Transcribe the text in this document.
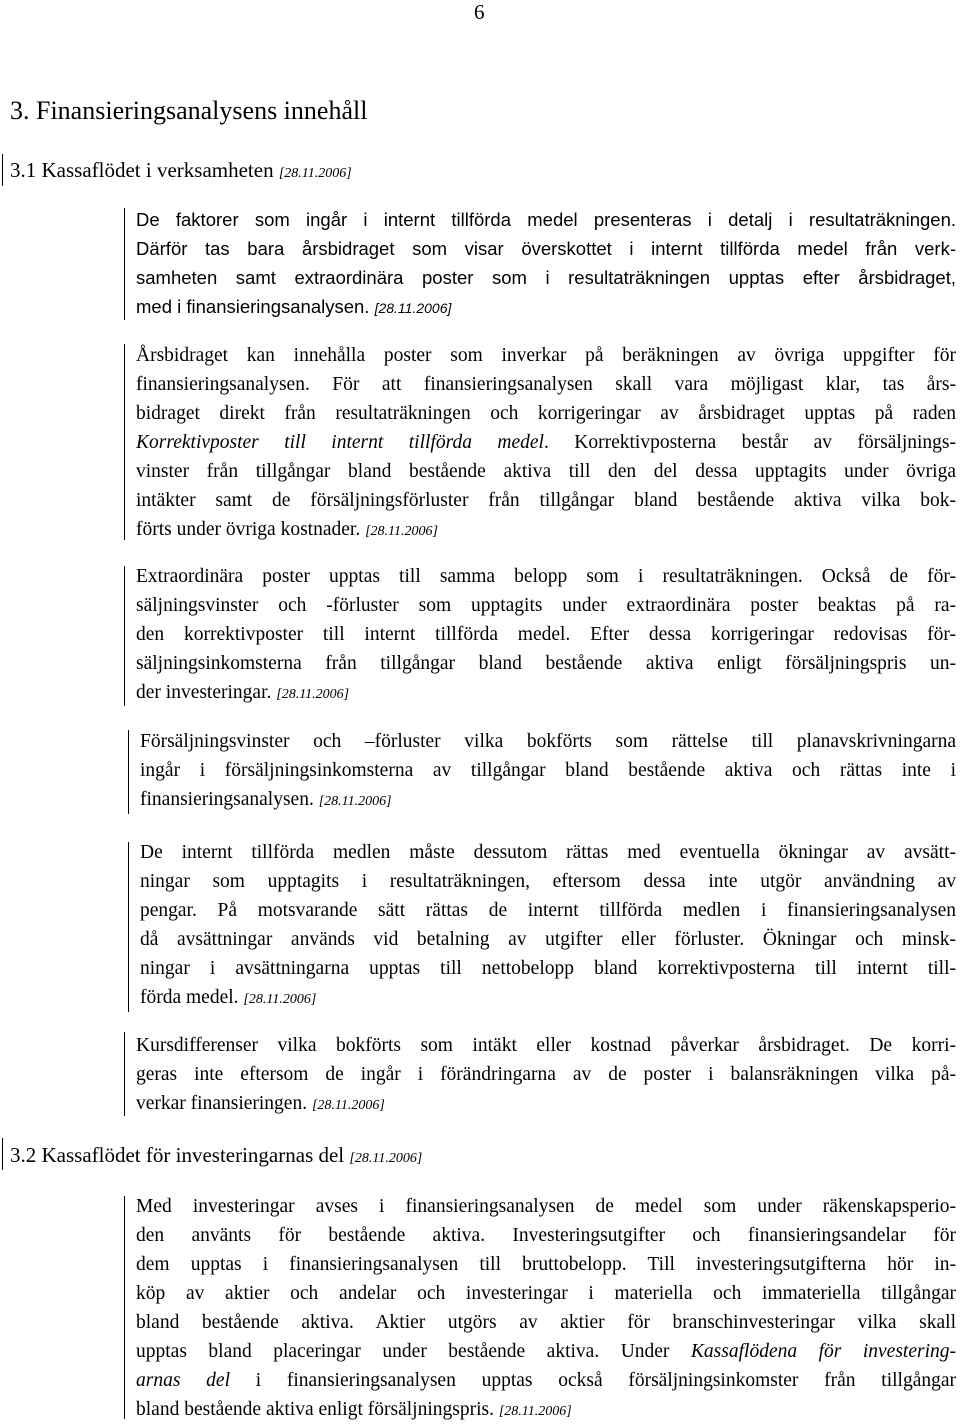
6
3. Finansieringsanalysens innehåll
3.1 Kassaflödet i verksamheten [28.11.2006]
De faktorer som ingår i internt tillförda medel presenteras i detalj i resultaträkningen.
Därför tas bara årsbidraget som visar överskottet i internt tillförda medel från verk-
samheten samt extraordinära poster som i resultaträkningen upptas efter årsbidraget,
med i finansieringsanalysen. [28.11.2006]
Årsbidraget kan innehålla poster som inverkar på beräkningen av övriga uppgifter för
finansieringsanalysen. För att finansieringsanalysen skall vara möjligast klar, tas års-
bidraget direkt från resultaträkningen och korrigeringar av årsbidraget upptas på raden
Korrektivposter till internt tillförda medel. Korrektivposterna består av försäljnings-
vinster från tillgångar bland bestående aktiva till den del dessa upptagits under övriga
intäkter samt de försäljningsförluster från tillgångar bland bestående aktiva vilka bok-
förts under övriga kostnader. [28.11.2006]
Extraordinära poster upptas till samma belopp som i resultaträkningen. Också de för-
säljningsvinster och -förluster som upptagits under extraordinära poster beaktas på ra-
den korrektivposter till internt tillförda medel. Efter dessa korrigeringar redovisas för-
säljningsinkomsterna från tillgångar bland bestående aktiva enligt försäljningspris un-
der investeringar. [28.11.2006]
Försäljningsvinster och –förluster vilka bokförts som rättelse till planavskrivningarna
ingår i försäljningsinkomsterna av tillgångar bland bestående aktiva och rättas inte i
finansieringsanalysen. [28.11.2006]
De internt tillförda medlen måste dessutom rättas med eventuella ökningar av avsätt-
ningar som upptagits i resultaträkningen, eftersom dessa inte utgör användning av
pengar. På motsvarande sätt rättas de internt tillförda medlen i finansieringsanalysen
då avsättningar används vid betalning av utgifter eller förluster. Ökningar och minsk-
ningar i avsättningarna upptas till nettobelopp bland korrektivposterna till internt till-
förda medel. [28.11.2006]
Kursdifferenser vilka bokförts som intäkt eller kostnad påverkar årsbidraget. De korri-
geras inte eftersom de ingår i förändringarna av de poster i balansräkningen vilka på-
verkar finansieringen. [28.11.2006]
3.2 Kassaflödet för investeringarnas del [28.11.2006]
Med investeringar avses i finansieringsanalysen de medel som under räkenskapsperio-
den använts för bestående aktiva. Investeringsutgifter och finansieringsandelar för
dem upptas i finansieringsanalysen till bruttobelopp. Till investeringsutgifterna hör in-
köp av aktier och andelar och investeringar i materiella och immateriella tillgångar
bland bestående aktiva. Aktier utgörs av aktier för branschinvesteringar vilka skall
upptas bland placeringar under bestående aktiva. Under Kassaflödena för investering-
arnas del i finansieringsanalysen upptas också försäljningsinkomster från tillgångar
bland bestående aktiva enligt försäljningspris. [28.11.2006]
